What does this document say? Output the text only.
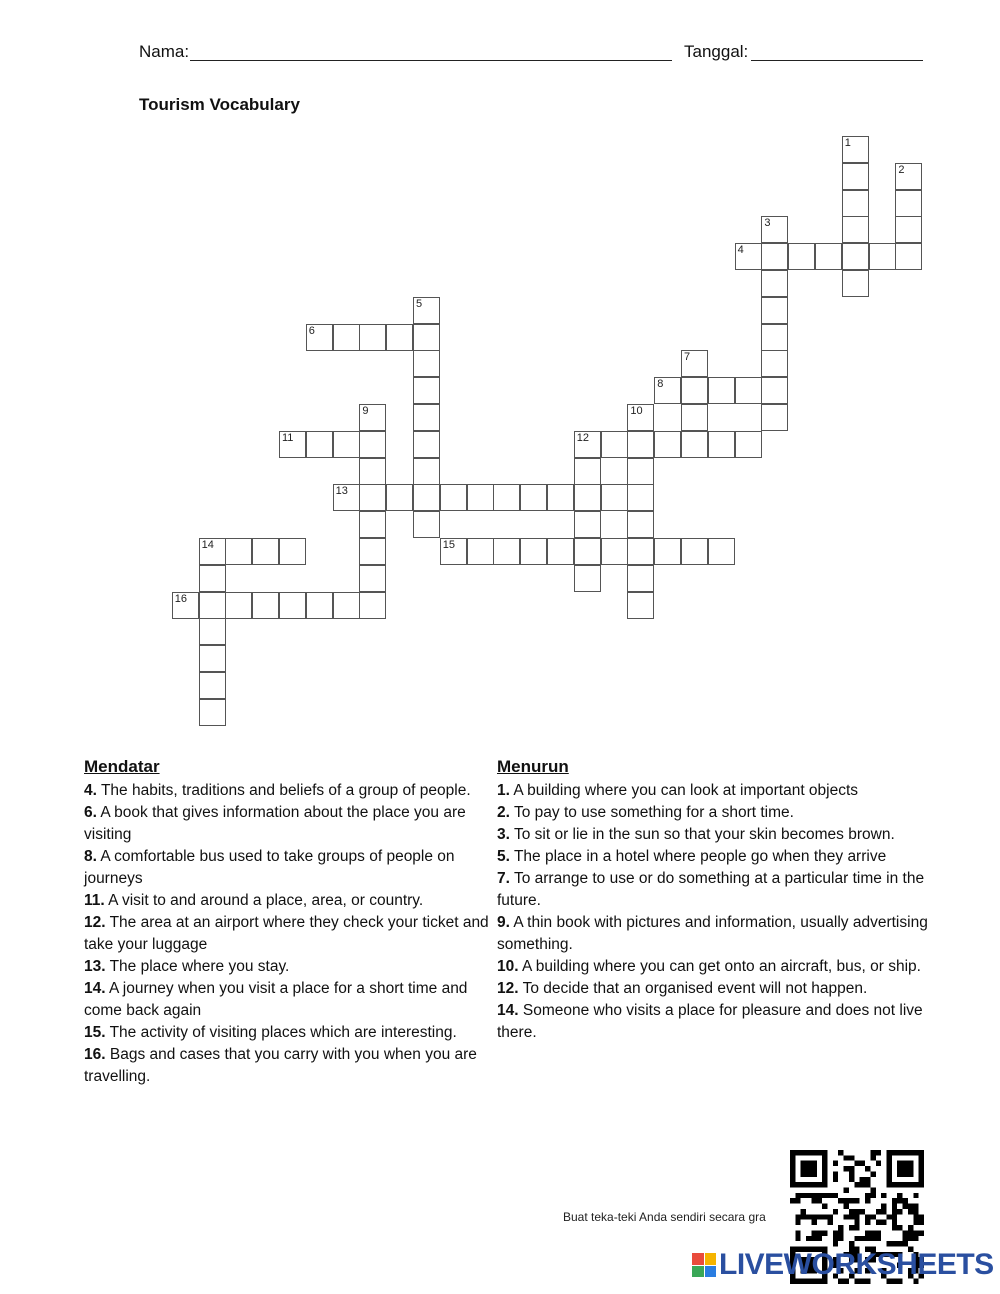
Nama:	Tanggal:
Tourism Vocabulary
1
2
3
4
5
6
7
8
9	10
11	12
13
14	15
16
Mendatar
4. The habits, traditions and beliefs of a group of people.
6. A book that gives information about the place you are visiting
8. A comfortable bus used to take groups of people on journeys
11. A visit to and around a place, area, or country.
12. The area at an airport where they check your ticket and take your luggage
13. The place where you stay.
14. A journey when you visit a place for a short time and come back again
15. The activity of visiting places which are interesting.
16. Bags and cases that you carry with you when you are travelling.
Menurun
1. A building where you can look at important objects
2. To pay to use something for a short time.
3. To sit or lie in the sun so that your skin becomes brown.
5. The place in a hotel where people go when they arrive
7. To arrange to use or do something at a particular time in the future.
9. A thin book with pictures and information, usually advertising something.
10. A building where you can get onto an aircraft, bus, or ship.
12. To decide that an organised event will not happen.
14. Someone who visits a place for pleasure and does not live there.
Buat teka-teki Anda sendiri secara gra
LIVEWORKSHEETS
